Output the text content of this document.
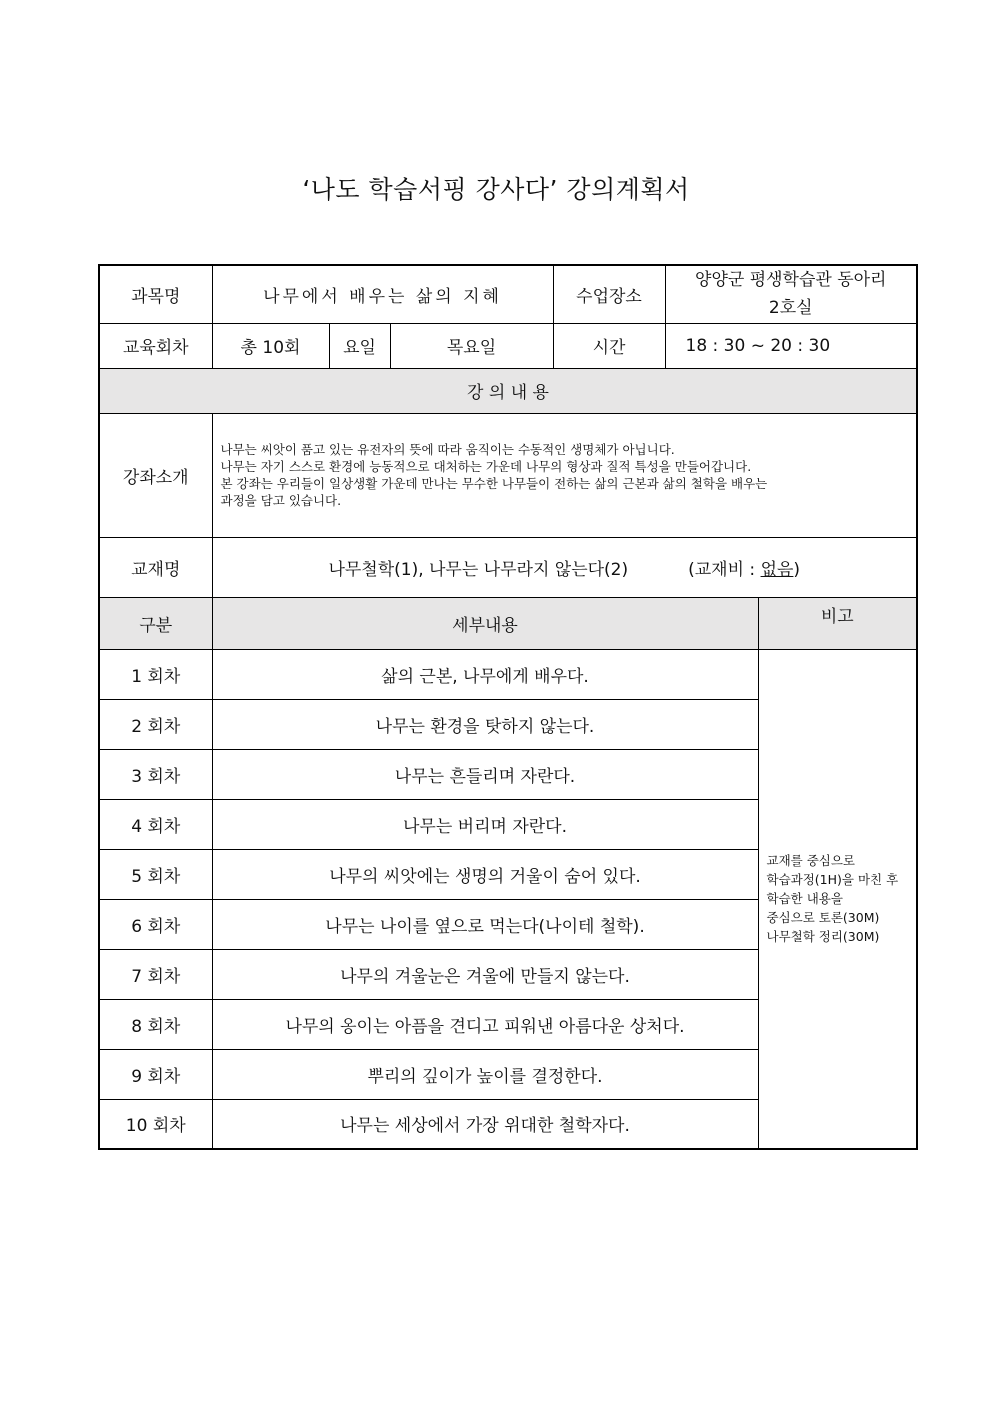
‘나도 학습서핑 강사다’ 강의계획서
과목명	나무에서 배우는 삶의 지혜			수업장소	양양군 평생학습관 동아리
2호실	

교육회차	총 10회	요일	목요일	시간	18 : 30 ~ 20 : 30	
강 의 내 용						
강좌소개	나무는 씨앗이 품고 있는 유전자의 뜻에 따라 움직이는 수동적인 생명체가 아닙니다.
나무는 자기 스스로 환경에 능동적으로 대처하는 가운데 나무의 형상과 질적 특성을 만들어갑니다.
본 강좌는 우리들이 일상생활 가운데 만나는 무수한 나무들이 전하는 삶의 근본과 삶의 철학을 배우는
과정을 담고 있습니다.					

교재명	나무철학(1), 나무는 나무라지 않는다(2) (교재비 : 없음)					
구분	세부내용					비고
1 회차	삶의 근본, 나무에게 배우다.					교재를 중심으로
학습과정(1H)을 마친 후
학습한 내용을
중심으로 토론(30M)
나무철학 정리(30M)

2 회차	나무는 환경을 탓하지 않는다.					
3 회차	나무는 흔들리며 자란다.					
4 회차	나무는 버리며 자란다.					
5 회차	나무의 씨앗에는 생명의 거울이 숨어 있다.					
6 회차	나무는 나이를 옆으로 먹는다(나이테 철학).					
7 회차	나무의 겨울눈은 겨울에 만들지 않는다.					
8 회차	나무의 옹이는 아픔을 견디고 피워낸 아름다운 상처다.					
9 회차	뿌리의 깊이가 높이를 결정한다.					
10 회차	나무는 세상에서 가장 위대한 철학자다.					
